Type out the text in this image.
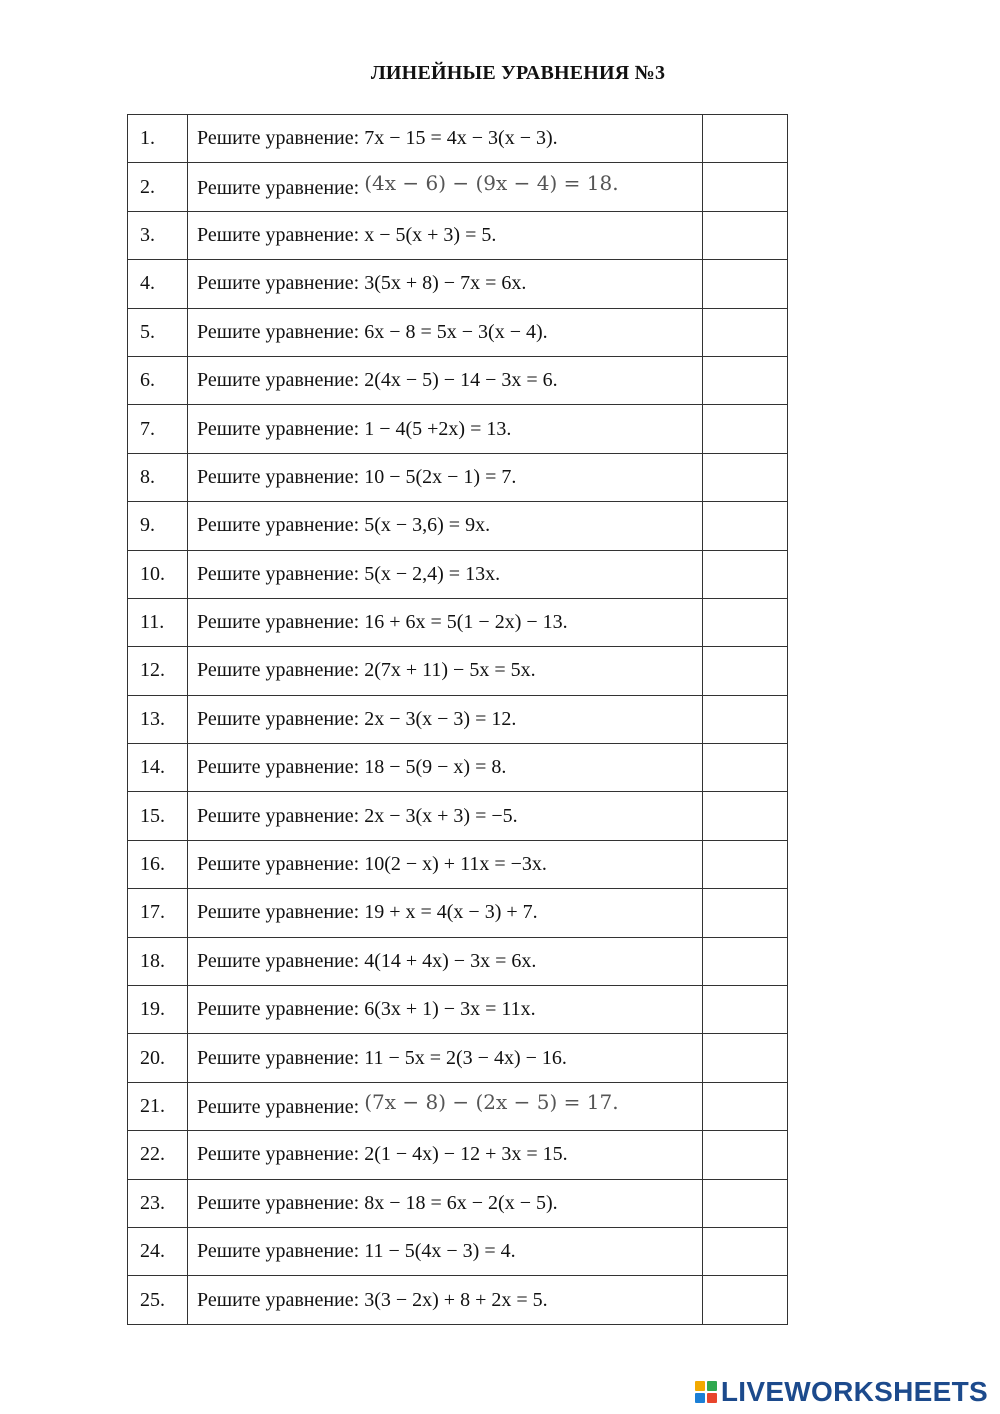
ЛИНЕЙНЫЕ УРАВНЕНИЯ №3
1.	Решите уравнение: 7x − 15 = 4x − 3(x − 3).	
2.	Решите уравнение: (4x − 6) − (9x − 4) = 18.	
3.	Решите уравнение: x − 5(x + 3) = 5.	
4.	Решите уравнение: 3(5x + 8) − 7x = 6x.	
5.	Решите уравнение: 6x − 8 = 5x − 3(x − 4).	
6.	Решите уравнение: 2(4x − 5) − 14 − 3x = 6.	
7.	Решите уравнение: 1 − 4(5 +2x) = 13.	
8.	Решите уравнение: 10 − 5(2x − 1) = 7.	
9.	Решите уравнение: 5(x − 3,6) = 9x.	
10.	Решите уравнение: 5(x − 2,4) = 13x.	
11.	Решите уравнение: 16 + 6x = 5(1 − 2x) − 13.	
12.	Решите уравнение: 2(7x + 11) − 5x = 5x.	
13.	Решите уравнение: 2x − 3(x − 3) = 12.	
14.	Решите уравнение: 18 − 5(9 − x) = 8.	
15.	Решите уравнение: 2x − 3(x + 3) = −5.	
16.	Решите уравнение: 10(2 − x) + 11x = −3x.	
17.	Решите уравнение: 19 + x = 4(x − 3) + 7.	
18.	Решите уравнение: 4(14 + 4x) − 3x = 6x.	
19.	Решите уравнение: 6(3x + 1) − 3x = 11x.	
20.	Решите уравнение: 11 − 5x = 2(3 − 4x) − 16.	
21.	Решите уравнение: (7x − 8) − (2x − 5) = 17.	
22.	Решите уравнение: 2(1 − 4x) − 12 + 3x = 15.	
23.	Решите уравнение: 8x − 18 = 6x − 2(x − 5).	
24.	Решите уравнение: 11 − 5(4x − 3) = 4.	
25.	Решите уравнение: 3(3 − 2x) + 8 + 2x = 5.	
LIVEWORKSHEETS
